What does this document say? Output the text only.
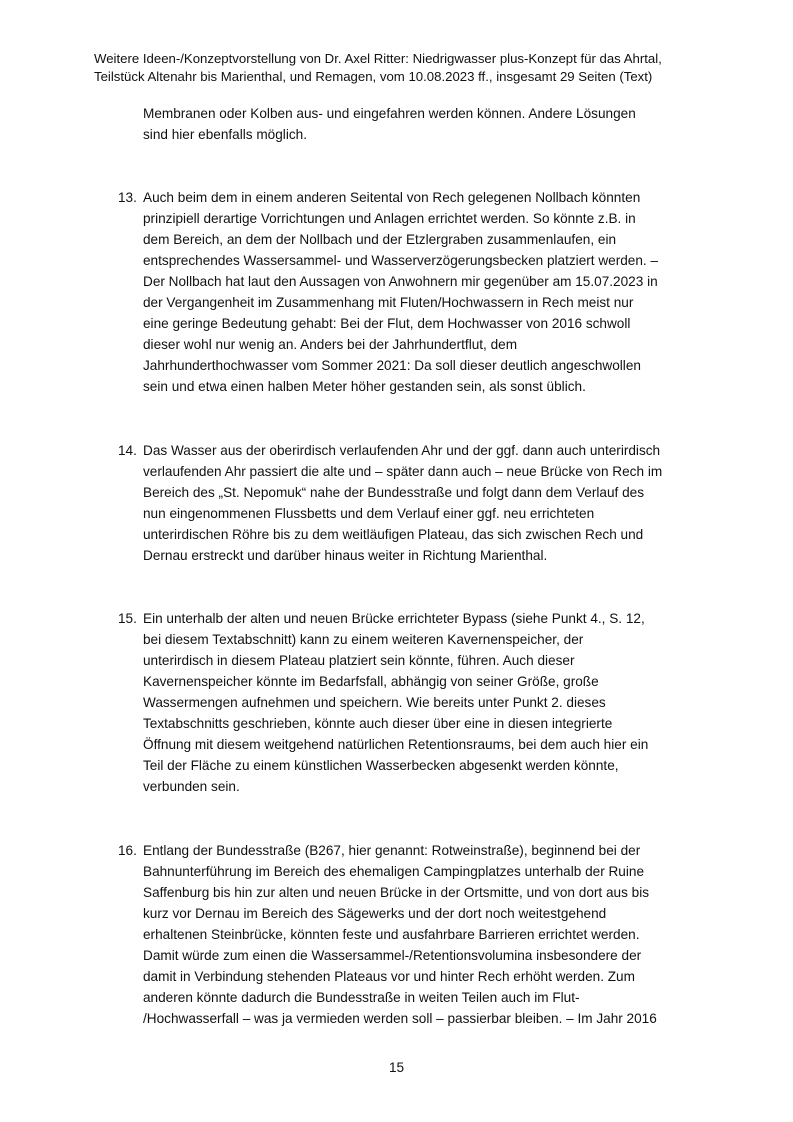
Weitere Ideen-/Konzeptvorstellung von Dr. Axel Ritter: Niedrigwasser plus-Konzept für das Ahrtal,
Teilstück Altenahr bis Marienthal, und Remagen, vom 10.08.2023 ff., insgesamt 29 Seiten (Text)
Membranen oder Kolben aus- und eingefahren werden können. Andere Lösungen
sind hier ebenfalls möglich.
13. Auch beim dem in einem anderen Seitental von Rech gelegenen Nollbach könnten
prinzipiell derartige Vorrichtungen und Anlagen errichtet werden. So könnte z.B. in
dem Bereich, an dem der Nollbach und der Etzlergraben zusammenlaufen, ein
entsprechendes Wassersammel- und Wasserverzögerungsbecken platziert werden. –
Der Nollbach hat laut den Aussagen von Anwohnern mir gegenüber am 15.07.2023 in
der Vergangenheit im Zusammenhang mit Fluten/Hochwassern in Rech meist nur
eine geringe Bedeutung gehabt: Bei der Flut, dem Hochwasser von 2016 schwoll
dieser wohl nur wenig an. Anders bei der Jahrhundertflut, dem
Jahrhunderthochwasser vom Sommer 2021: Da soll dieser deutlich angeschwollen
sein und etwa einen halben Meter höher gestanden sein, als sonst üblich.
14. Das Wasser aus der oberirdisch verlaufenden Ahr und der ggf. dann auch unterirdisch
verlaufenden Ahr passiert die alte und – später dann auch – neue Brücke von Rech im
Bereich des „St. Nepomuk“ nahe der Bundesstraße und folgt dann dem Verlauf des
nun eingenommenen Flussbetts und dem Verlauf einer ggf. neu errichteten
unterirdischen Röhre bis zu dem weitläufigen Plateau, das sich zwischen Rech und
Dernau erstreckt und darüber hinaus weiter in Richtung Marienthal.
15. Ein unterhalb der alten und neuen Brücke errichteter Bypass (siehe Punkt 4., S. 12,
bei diesem Textabschnitt) kann zu einem weiteren Kavernenspeicher, der
unterirdisch in diesem Plateau platziert sein könnte, führen. Auch dieser
Kavernenspeicher könnte im Bedarfsfall, abhängig von seiner Größe, große
Wassermengen aufnehmen und speichern. Wie bereits unter Punkt 2. dieses
Textabschnitts geschrieben, könnte auch dieser über eine in diesen integrierte
Öffnung mit diesem weitgehend natürlichen Retentionsraums, bei dem auch hier ein
Teil der Fläche zu einem künstlichen Wasserbecken abgesenkt werden könnte,
verbunden sein.
16. Entlang der Bundesstraße (B267, hier genannt: Rotweinstraße), beginnend bei der
Bahnunterführung im Bereich des ehemaligen Campingplatzes unterhalb der Ruine
Saffenburg bis hin zur alten und neuen Brücke in der Ortsmitte, und von dort aus bis
kurz vor Dernau im Bereich des Sägewerks und der dort noch weitestgehend
erhaltenen Steinbrücke, könnten feste und ausfahrbare Barrieren errichtet werden.
Damit würde zum einen die Wassersammel-/Retentionsvolumina insbesondere der
damit in Verbindung stehenden Plateaus vor und hinter Rech erhöht werden. Zum
anderen könnte dadurch die Bundesstraße in weiten Teilen auch im Flut-
/Hochwasserfall – was ja vermieden werden soll – passierbar bleiben. – Im Jahr 2016
15
